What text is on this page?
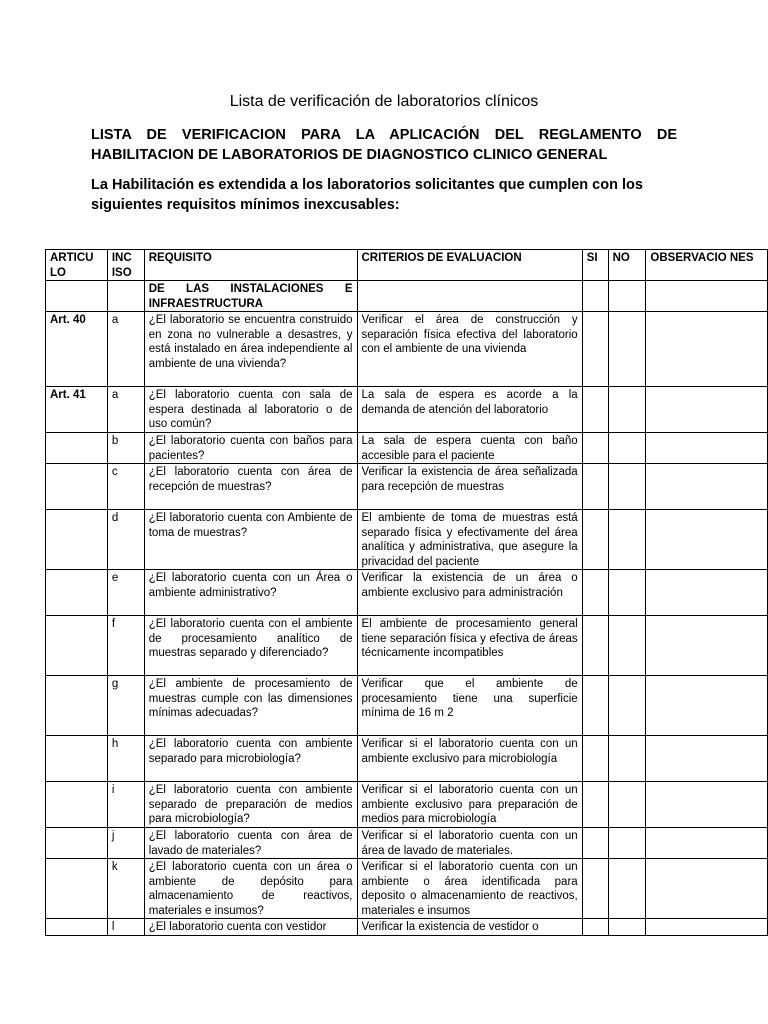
Lista de verificación de laboratorios clínicos
LISTA DE VERIFICACION PARA LA APLICACIÓN DEL REGLAMENTO DE HABILITACION DE LABORATORIOS DE DIAGNOSTICO CLINICO GENERAL
La Habilitación es extendida a los laboratorios solicitantes que cumplen con los siguientes requisitos mínimos inexcusables:
ARTICU LO	INC ISO	REQUISITO	CRITERIOS DE EVALUACION	SI	NO	OBSERVACIO NES
		DE LAS INSTALACIONES E INFRAESTRUCTURA				
Art. 40	a	¿El laboratorio se encuentra construido en zona no vulnerable a desastres, y está instalado en área independiente al ambiente de una vivienda?	Verificar el área de construcción y separación física efectiva del laboratorio con el ambiente de una vivienda			
Art. 41	a	¿El laboratorio cuenta con sala de espera destinada al laboratorio o de uso común?	La sala de espera es acorde a la demanda de atención del laboratorio			
	b	¿El laboratorio cuenta con baños para pacientes?	La sala de espera cuenta con baño accesible para el paciente			
	c	¿El laboratorio cuenta con área de recepción de muestras?	Verificar la existencia de área señalizada para recepción de muestras			
	d	¿El laboratorio cuenta con Ambiente de toma de muestras?	El ambiente de toma de muestras está separado física y efectivamente del área analítica y administrativa, que asegure la privacidad del paciente			
	e	¿El laboratorio cuenta con un Área o ambiente administrativo?	Verificar la existencia de un área o ambiente exclusivo para administración			
	f	¿El laboratorio cuenta con el ambiente de procesamiento analítico de muestras separado y diferenciado?	El ambiente de procesamiento general tiene separación física y efectiva de áreas técnicamente incompatibles			
	g	¿El ambiente de procesamiento de muestras cumple con las dimensiones mínimas adecuadas?	Verificar que el ambiente de procesamiento tiene una superficie mínima de 16 m 2			
	h	¿El laboratorio cuenta con ambiente separado para microbiología?	Verificar si el laboratorio cuenta con un ambiente exclusivo para microbiología			
	i	¿El laboratorio cuenta con ambiente separado de preparación de medios para microbiología?	Verificar si el laboratorio cuenta con un ambiente exclusivo para preparación de medios para microbiología			
	j	¿El laboratorio cuenta con área de lavado de materiales?	Verificar si el laboratorio cuenta con un área de lavado de materiales.			
	k	¿El laboratorio cuenta con un área o ambiente de depósito para almacenamiento de reactivos, materiales e insumos?	Verificar si el laboratorio cuenta con un ambiente o área identificada para deposito o almacenamiento de reactivos, materiales e insumos			
	l	¿El laboratorio cuenta con vestidor	Verificar la existencia de vestidor o			
